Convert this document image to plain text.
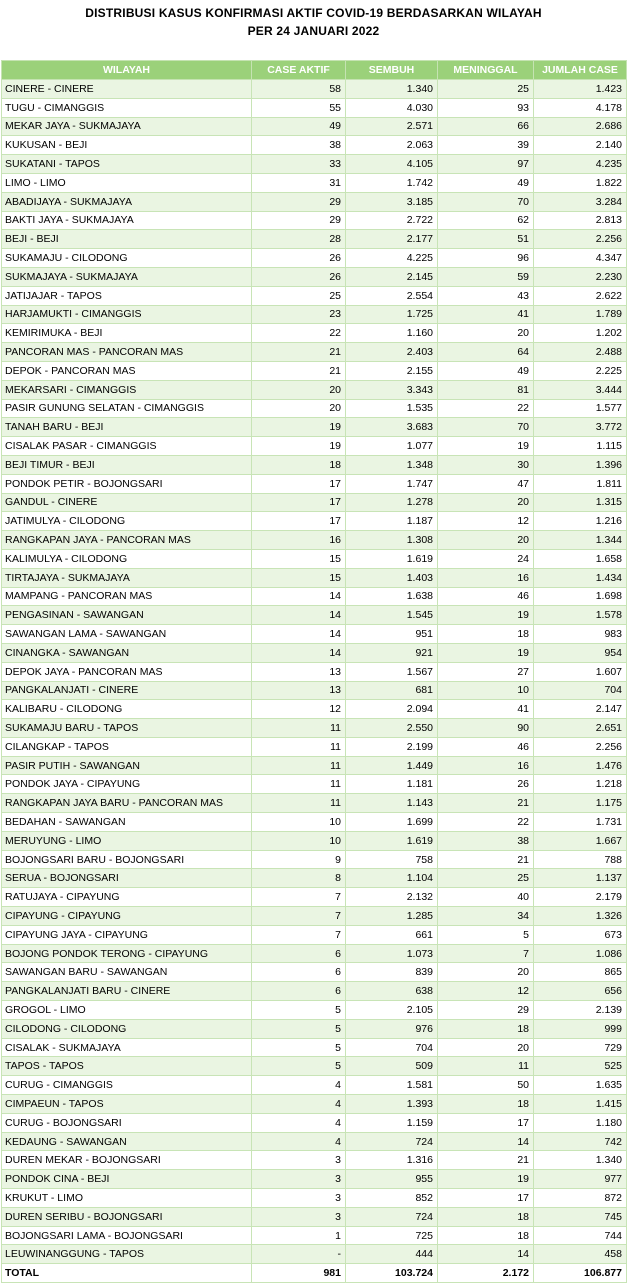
DISTRIBUSI KASUS KONFIRMASI AKTIF COVID-19 BERDASARKAN WILAYAH
PER 24 JANUARI 2022
WILAYAH	CASE AKTIF	SEMBUH	MENINGGAL	JUMLAH CASE
CINERE - CINERE	58	1.340	25	1.423
TUGU - CIMANGGIS	55	4.030	93	4.178
MEKAR JAYA - SUKMAJAYA	49	2.571	66	2.686
KUKUSAN - BEJI	38	2.063	39	2.140
SUKATANI - TAPOS	33	4.105	97	4.235
LIMO - LIMO	31	1.742	49	1.822
ABADIJAYA - SUKMAJAYA	29	3.185	70	3.284
BAKTI JAYA - SUKMAJAYA	29	2.722	62	2.813
BEJI - BEJI	28	2.177	51	2.256
SUKAMAJU - CILODONG	26	4.225	96	4.347
SUKMAJAYA - SUKMAJAYA	26	2.145	59	2.230
JATIJAJAR - TAPOS	25	2.554	43	2.622
HARJAMUKTI - CIMANGGIS	23	1.725	41	1.789
KEMIRIMUKA - BEJI	22	1.160	20	1.202
PANCORAN MAS - PANCORAN MAS	21	2.403	64	2.488
DEPOK - PANCORAN MAS	21	2.155	49	2.225
MEKARSARI - CIMANGGIS	20	3.343	81	3.444
PASIR GUNUNG SELATAN - CIMANGGIS	20	1.535	22	1.577
TANAH BARU - BEJI	19	3.683	70	3.772
CISALAK PASAR - CIMANGGIS	19	1.077	19	1.115
BEJI TIMUR - BEJI	18	1.348	30	1.396
PONDOK PETIR - BOJONGSARI	17	1.747	47	1.811
GANDUL - CINERE	17	1.278	20	1.315
JATIMULYA - CILODONG	17	1.187	12	1.216
RANGKAPAN JAYA - PANCORAN MAS	16	1.308	20	1.344
KALIMULYA - CILODONG	15	1.619	24	1.658
TIRTAJAYA - SUKMAJAYA	15	1.403	16	1.434
MAMPANG - PANCORAN MAS	14	1.638	46	1.698
PENGASINAN - SAWANGAN	14	1.545	19	1.578
SAWANGAN LAMA - SAWANGAN	14	951	18	983
CINANGKA - SAWANGAN	14	921	19	954
DEPOK JAYA - PANCORAN MAS	13	1.567	27	1.607
PANGKALANJATI - CINERE	13	681	10	704
KALIBARU - CILODONG	12	2.094	41	2.147
SUKAMAJU BARU - TAPOS	11	2.550	90	2.651
CILANGKAP - TAPOS	11	2.199	46	2.256
PASIR PUTIH - SAWANGAN	11	1.449	16	1.476
PONDOK JAYA - CIPAYUNG	11	1.181	26	1.218
RANGKAPAN JAYA BARU - PANCORAN MAS	11	1.143	21	1.175
BEDAHAN - SAWANGAN	10	1.699	22	1.731
MERUYUNG - LIMO	10	1.619	38	1.667
BOJONGSARI BARU - BOJONGSARI	9	758	21	788
SERUA - BOJONGSARI	8	1.104	25	1.137
RATUJAYA - CIPAYUNG	7	2.132	40	2.179
CIPAYUNG - CIPAYUNG	7	1.285	34	1.326
CIPAYUNG JAYA - CIPAYUNG	7	661	5	673
BOJONG PONDOK TERONG - CIPAYUNG	6	1.073	7	1.086
SAWANGAN BARU - SAWANGAN	6	839	20	865
PANGKALANJATI BARU - CINERE	6	638	12	656
GROGOL - LIMO	5	2.105	29	2.139
CILODONG - CILODONG	5	976	18	999
CISALAK - SUKMAJAYA	5	704	20	729
TAPOS - TAPOS	5	509	11	525
CURUG - CIMANGGIS	4	1.581	50	1.635
CIMPAEUN - TAPOS	4	1.393	18	1.415
CURUG - BOJONGSARI	4	1.159	17	1.180
KEDAUNG - SAWANGAN	4	724	14	742
DUREN MEKAR - BOJONGSARI	3	1.316	21	1.340
PONDOK CINA - BEJI	3	955	19	977
KRUKUT - LIMO	3	852	17	872
DUREN SERIBU - BOJONGSARI	3	724	18	745
BOJONGSARI LAMA - BOJONGSARI	1	725	18	744
LEUWINANGGUNG - TAPOS	-	444	14	458
TOTAL	981	103.724	2.172	106.877
